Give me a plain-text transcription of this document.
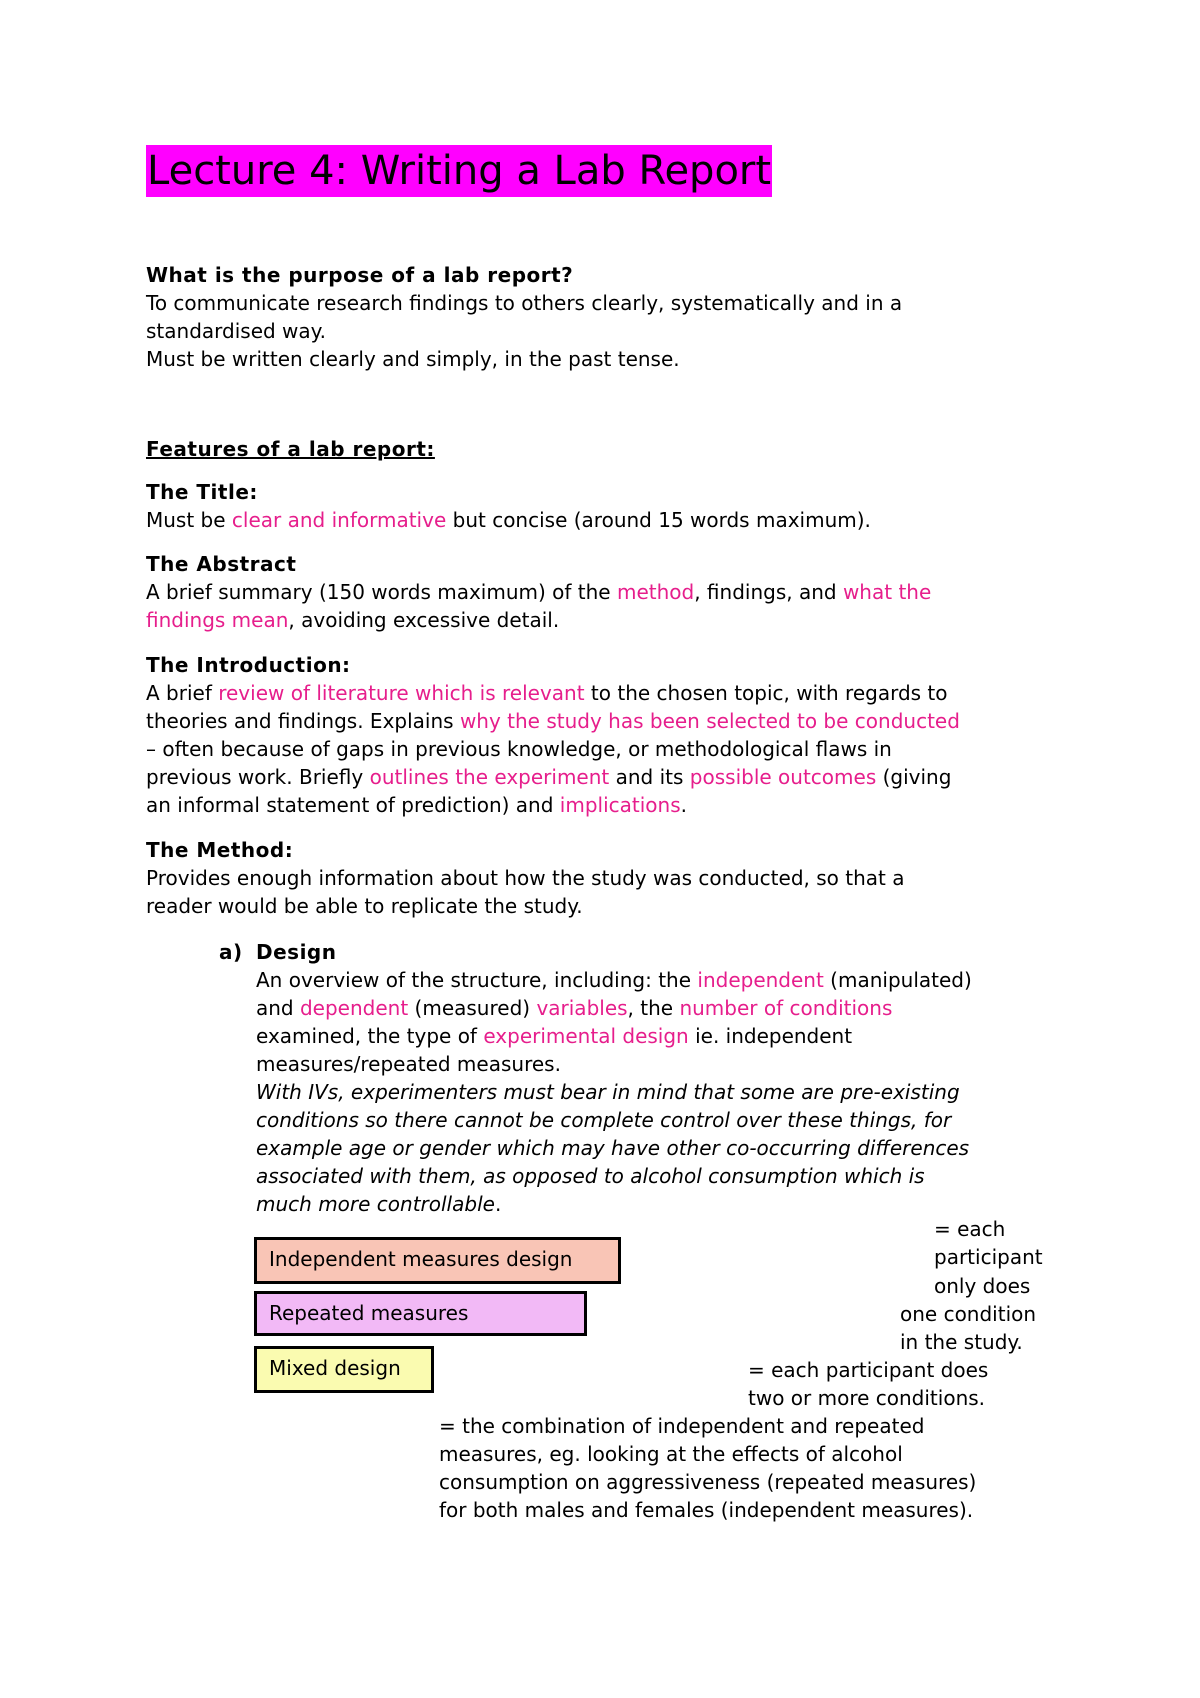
Lecture 4: Writing a Lab Report

What is the purpose of a lab report?

To communicate research findings to others clearly, systematically and in a

standardised way.

Must be written clearly and simply, in the past tense.

Features of a lab report:

The Title:

Must be clear and informative but concise (around 15 words maximum).

The Abstract

A brief summary (150 words maximum) of the method, findings, and what the

findings mean, avoiding excessive detail.

The Introduction:

A brief review of literature which is relevant to the chosen topic, with regards to

theories and findings. Explains why the study has been selected to be conducted

– often because of gaps in previous knowledge, or methodological flaws in

previous work. Briefly outlines the experiment and its possible outcomes (giving

an informal statement of prediction) and implications.

The Method:

Provides enough information about how the study was conducted, so that a

reader would be able to replicate the study.

a) Design

An overview of the structure, including: the independent (manipulated)

and dependent (measured) variables, the number of conditions

examined, the type of experimental design ie. independent

measures/repeated measures.

With IVs, experimenters must bear in mind that some are pre-existing

conditions so there cannot be complete control over these things, for

example age or gender which may have other co-occurring differences

associated with them, as opposed to alcohol consumption which is

much more controllable.

Independent measures design
Repeated measures
Mixed design
= each
participant
only does
one condition
in the study.
= each participant does
two or more conditions.

= the combination of independent and repeated

measures, eg. looking at the effects of alcohol

consumption on aggressiveness (repeated measures)

for both males and females (independent measures).
